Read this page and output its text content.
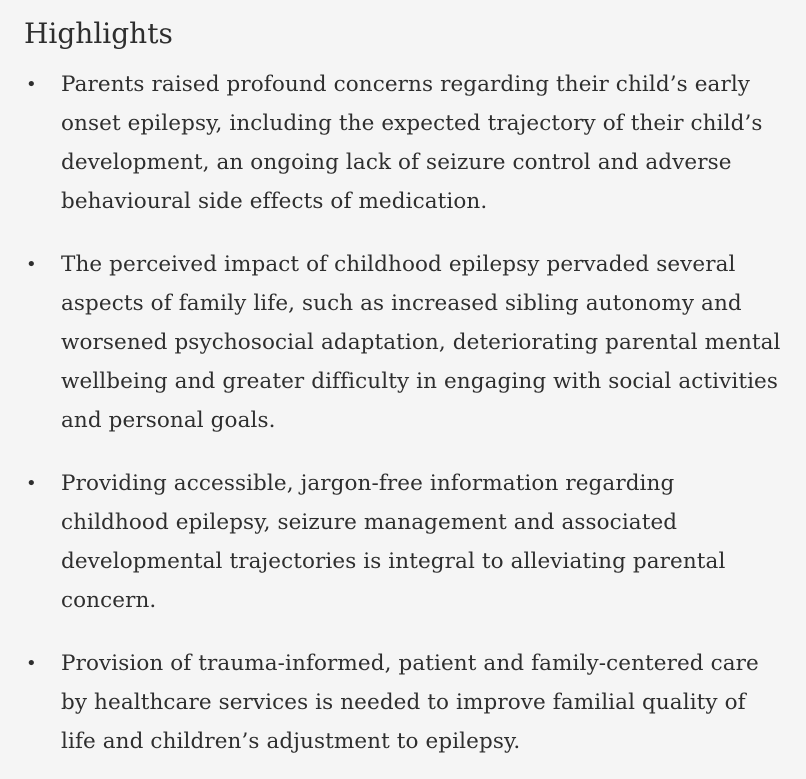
Highlights
• Parents raised profound concerns regarding their child’s early onset epilepsy, including the expected trajectory of their child’s development, an ongoing lack of seizure control and adverse behavioural side effects of medication.
• The perceived impact of childhood epilepsy pervaded several aspects of family life, such as increased sibling autonomy and worsened psychosocial adaptation, deteriorating parental mental wellbeing and greater difficulty in engaging with social activities and personal goals.
• Providing accessible, jargon-free information regarding childhood epilepsy, seizure management and associated developmental trajectories is integral to alleviating parental concern.
• Provision of trauma-informed, patient and family-centered care by healthcare services is needed to improve familial quality of life and children’s adjustment to epilepsy.
